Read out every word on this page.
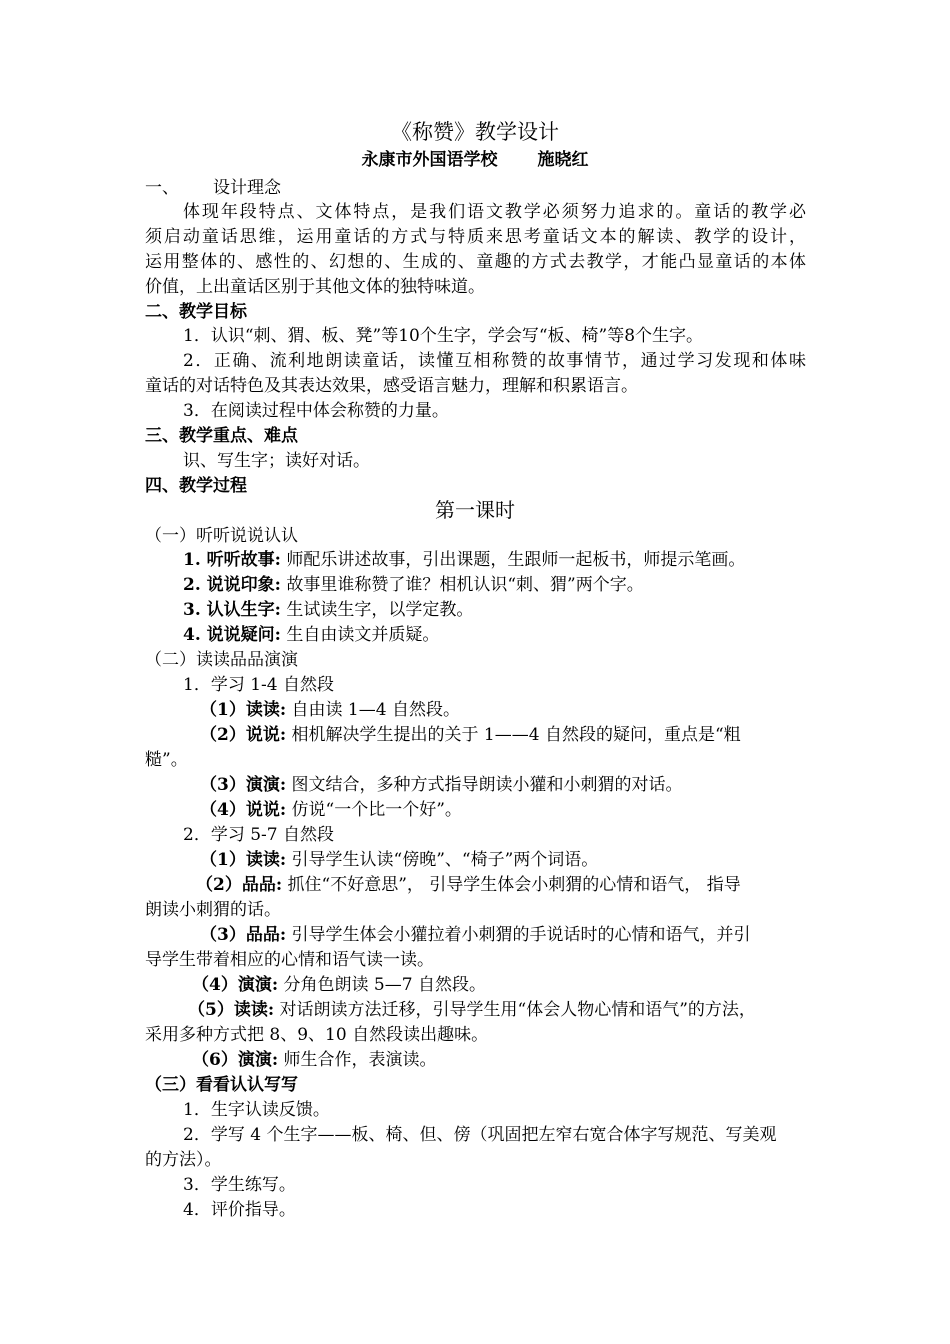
《称赞》教学设计
永康市外国语学校 施晓红
一、 设计理念
体现年段特点、文体特点，是我们语文教学必须努力追求的。童话的教学必
须启动童话思维，运用童话的方式与特质来思考童话文本的解读、教学的设计，
运用整体的、感性的、幻想的、生成的、童趣的方式去教学，才能凸显童话的本体
价值，上出童话区别于其他文体的独特味道。
二、教学目标
1．认识“刺、猬、板、凳”等10个生字，学会写“板、椅”等8个生字。
2．正确、流利地朗读童话，读懂互相称赞的故事情节，通过学习发现和体味
童话的对话特色及其表达效果，感受语言魅力，理解和积累语言。
3．在阅读过程中体会称赞的力量。
三、教学重点、难点
识、写生字；读好对话。
四、教学过程
第一课时
（一）听听说说认认
1. 听听故事: 师配乐讲述故事，引出课题，生跟师一起板书，师提示笔画。
2. 说说印象: 故事里谁称赞了谁？相机认识“刺、猬”两个字。
3. 认认生字: 生试读生字，以学定教。
4. 说说疑问: 生自由读文并质疑。
（二）读读品品演演
1．学习 1-4 自然段
（1）读读: 自由读 1—4 自然段。
（2）说说: 相机解决学生提出的关于 1——4 自然段的疑问，重点是“粗
糙”。
（3）演演: 图文结合，多种方式指导朗读小獾和小刺猬的对话。
（4）说说: 仿说“一个比一个好”。
2．学习 5-7 自然段
（1）读读: 引导学生认读“傍晚”、“椅子”两个词语。
（2）品品: 抓住“不好意思”， 引导学生体会小刺猬的心情和语气， 指导
朗读小刺猬的话。
（3）品品: 引导学生体会小獾拉着小刺猬的手说话时的心情和语气，并引
导学生带着相应的心情和语气读一读。
（4）演演: 分角色朗读 5—7 自然段。
（5）读读: 对话朗读方法迁移，引导学生用“体会人物心情和语气”的方法，
采用多种方式把 8、9、10 自然段读出趣味。
（6）演演: 师生合作，表演读。
（三）看看认认写写
1．生字认读反馈。
2．学写 4 个生字——板、椅、但、傍（巩固把左窄右宽合体字写规范、写美观
的方法）。
3．学生练写。
4．评价指导。
